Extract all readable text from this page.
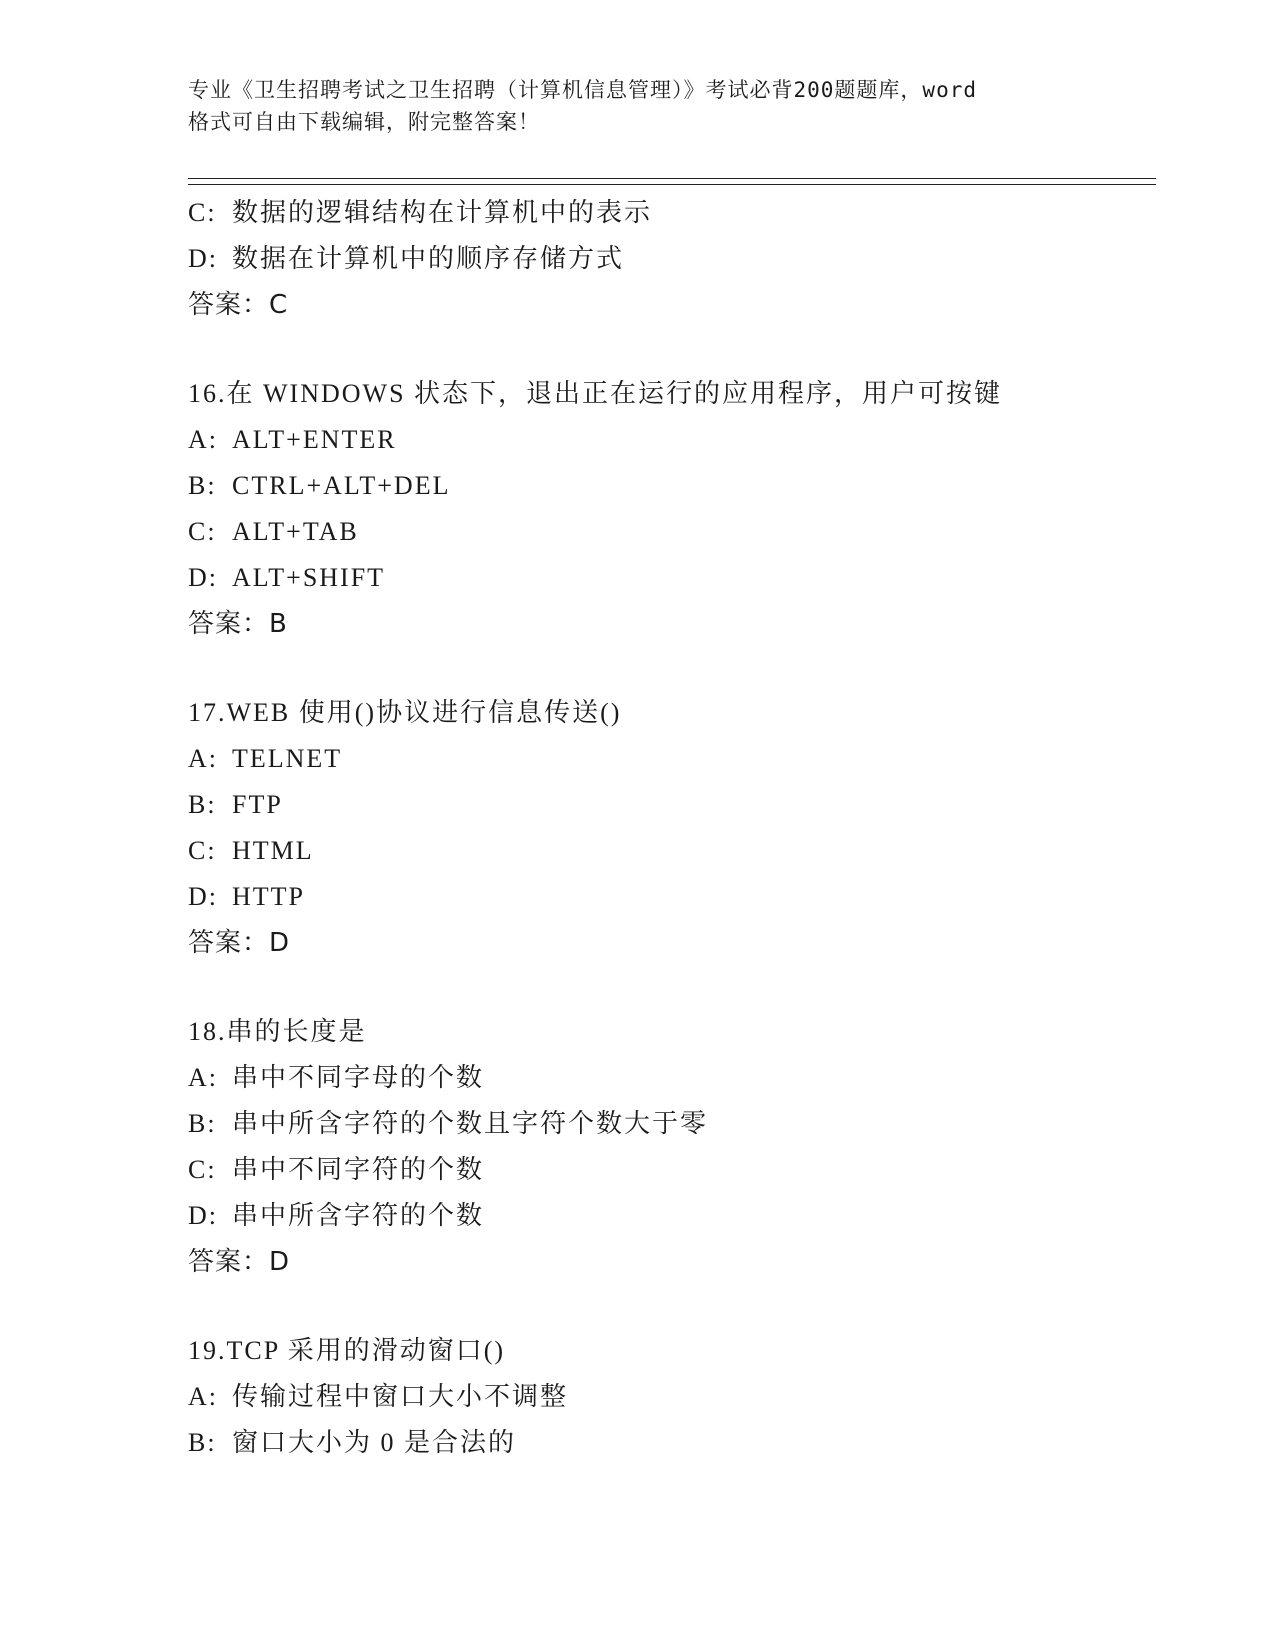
专业《卫生招聘考试之卫生招聘（计算机信息管理）》考试必背200题题库，word
格式可自由下载编辑，附完整答案！
C: 数据的逻辑结构在计算机中的表示
D: 数据在计算机中的顺序存储方式
答案：C
16.在 WINDOWS 状态下，退出正在运行的应用程序，用户可按键
A: ALT+ENTER
B: CTRL+ALT+DEL
C: ALT+TAB
D: ALT+SHIFT
答案：B
17.WEB 使用()协议进行信息传送()
A: TELNET
B: FTP
C: HTML
D: HTTP
答案：D
18.串的长度是
A: 串中不同字母的个数
B: 串中所含字符的个数且字符个数大于零
C: 串中不同字符的个数
D: 串中所含字符的个数
答案：D
19.TCP 采用的滑动窗口()
A: 传输过程中窗口大小不调整
B: 窗口大小为 0 是合法的
